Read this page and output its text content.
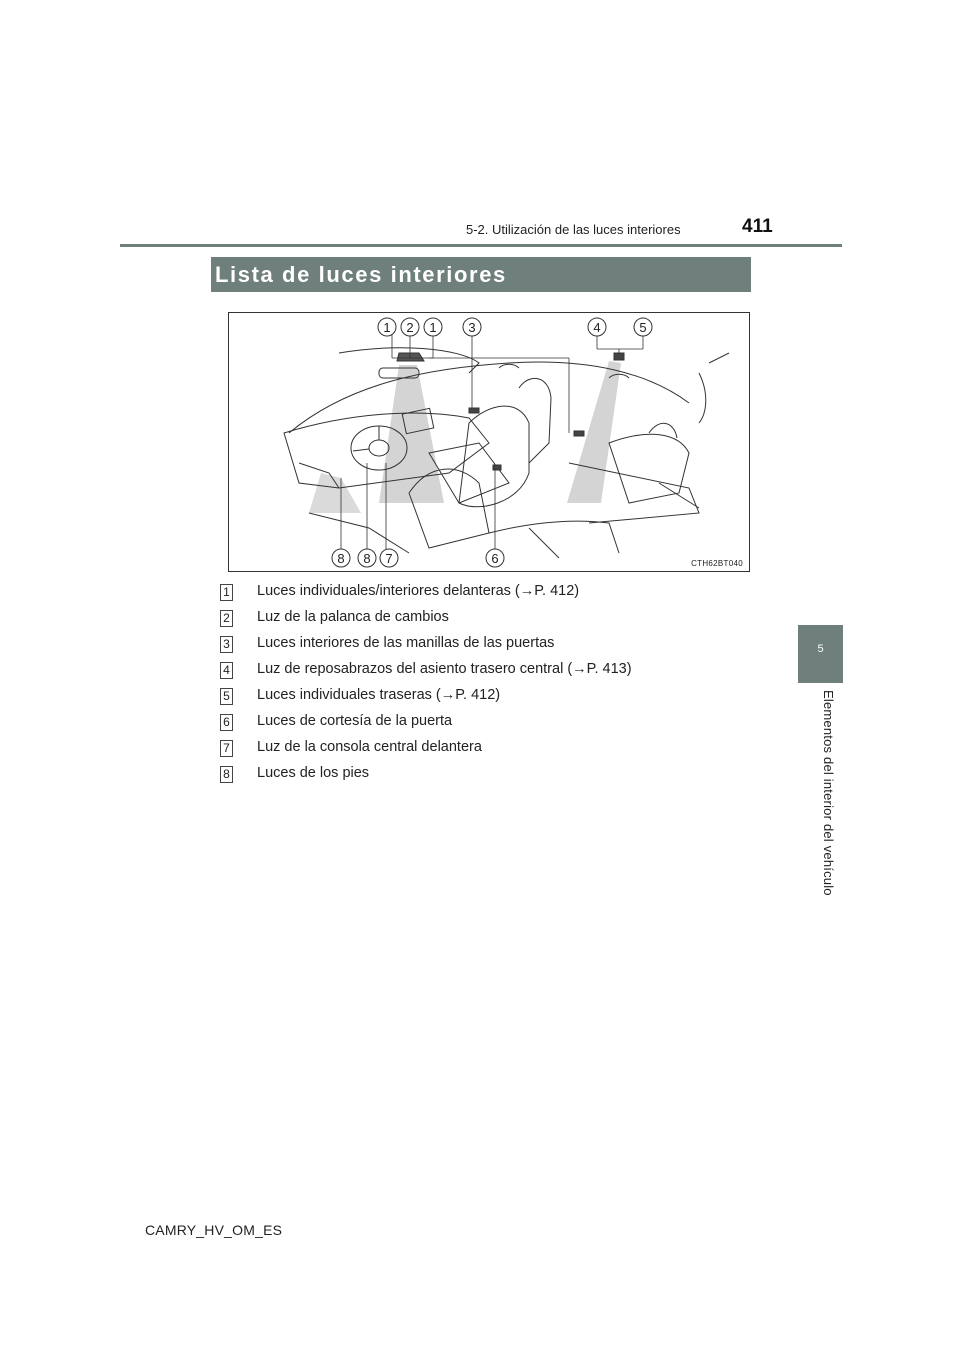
5-2. Utilización de las luces interiores	411
5
Elementos del interior del vehículo
Lista de luces interiores
1 2 1 3	4	5
8 8 7	6	CTH62BT040
1 Luces individuales/interiores delanteras (→P. 412)
2 Luz de la palanca de cambios
3 Luces interiores de las manillas de las puertas
4 Luz de reposabrazos del asiento trasero central (→P. 413)
5 Luces individuales traseras (→P. 412)
6 Luces de cortesía de la puerta
7 Luz de la consola central delantera
8 Luces de los pies
CAMRY_HV_OM_ES
